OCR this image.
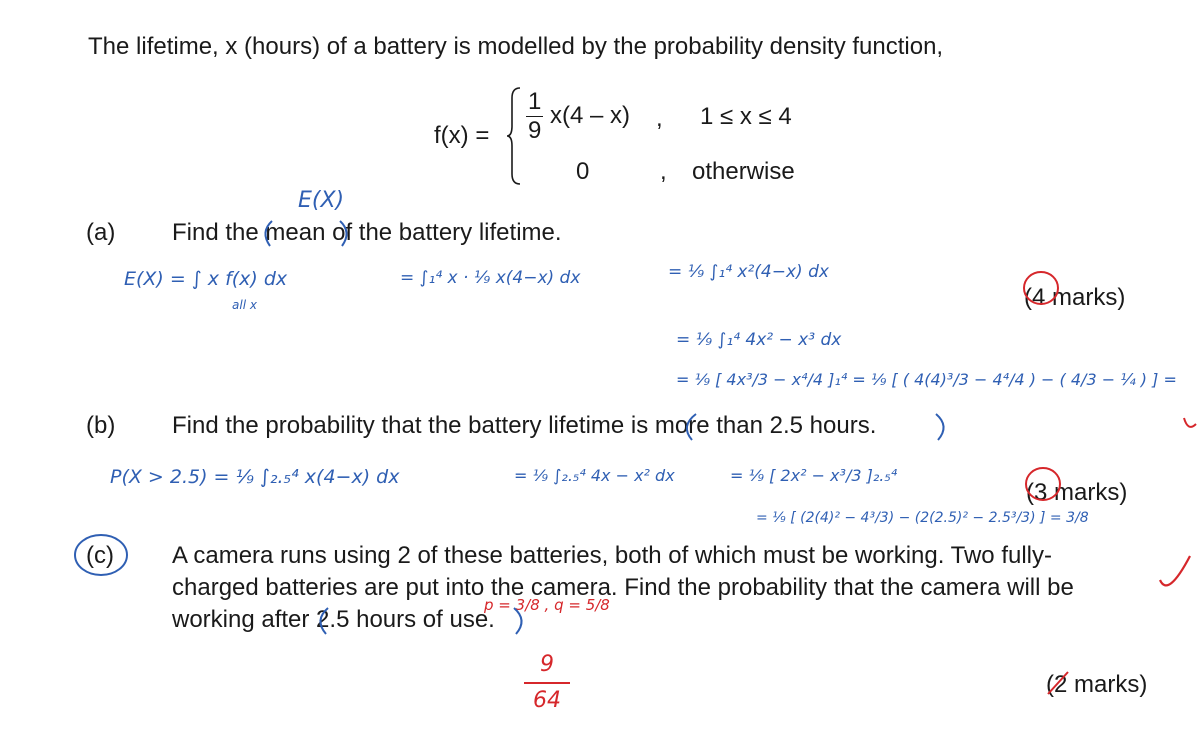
The lifetime, x (hours) of a battery is modelled by the probability density function,
$f(x) = \frac{1}{9} x(4 - x)$ , 1 ≤ x ≤ 4
0	, otherwise
(a) Find the mean of the battery lifetime.
(4 marks)
(b) Find the probability that the battery lifetime is more than 2.5 hours.
(3 marks)
(c) A camera runs using 2 of these batteries, both of which must be working. Two fully-
charged batteries are put into the camera. Find the probability that the camera will be
working after 2.5 hours of use.
(2 marks)
E(X)
E(X) = ∫ x f(x) dx
all x
= ∫₁⁴ x · ⅑ x(4−x) dx	= ⅑ ∫₁⁴ x²(4−x) dx
= ⅑ ∫₁⁴ 4x² − x³ dx
= ⅑ [ 4x³/3 − x⁴/4 ]₁⁴ = ⅑ [ ( 4(4)³/3 − 4⁴/4 ) − ( 4/3 − ¼ ) ] =
P(X > 2.5) = ⅑ ∫₂.₅⁴ x(4−x) dx	= ⅑ ∫₂.₅⁴ 4x − x² dx	= ⅑ [ 2x² − x³/3 ]₂.₅⁴
= ⅑ [ (2(4)² − 4³/3) − (2(2.5)² − 2.5³/3) ] = 3/8
p = 3/8 , q = 5/8
$\frac{9}{64}$
